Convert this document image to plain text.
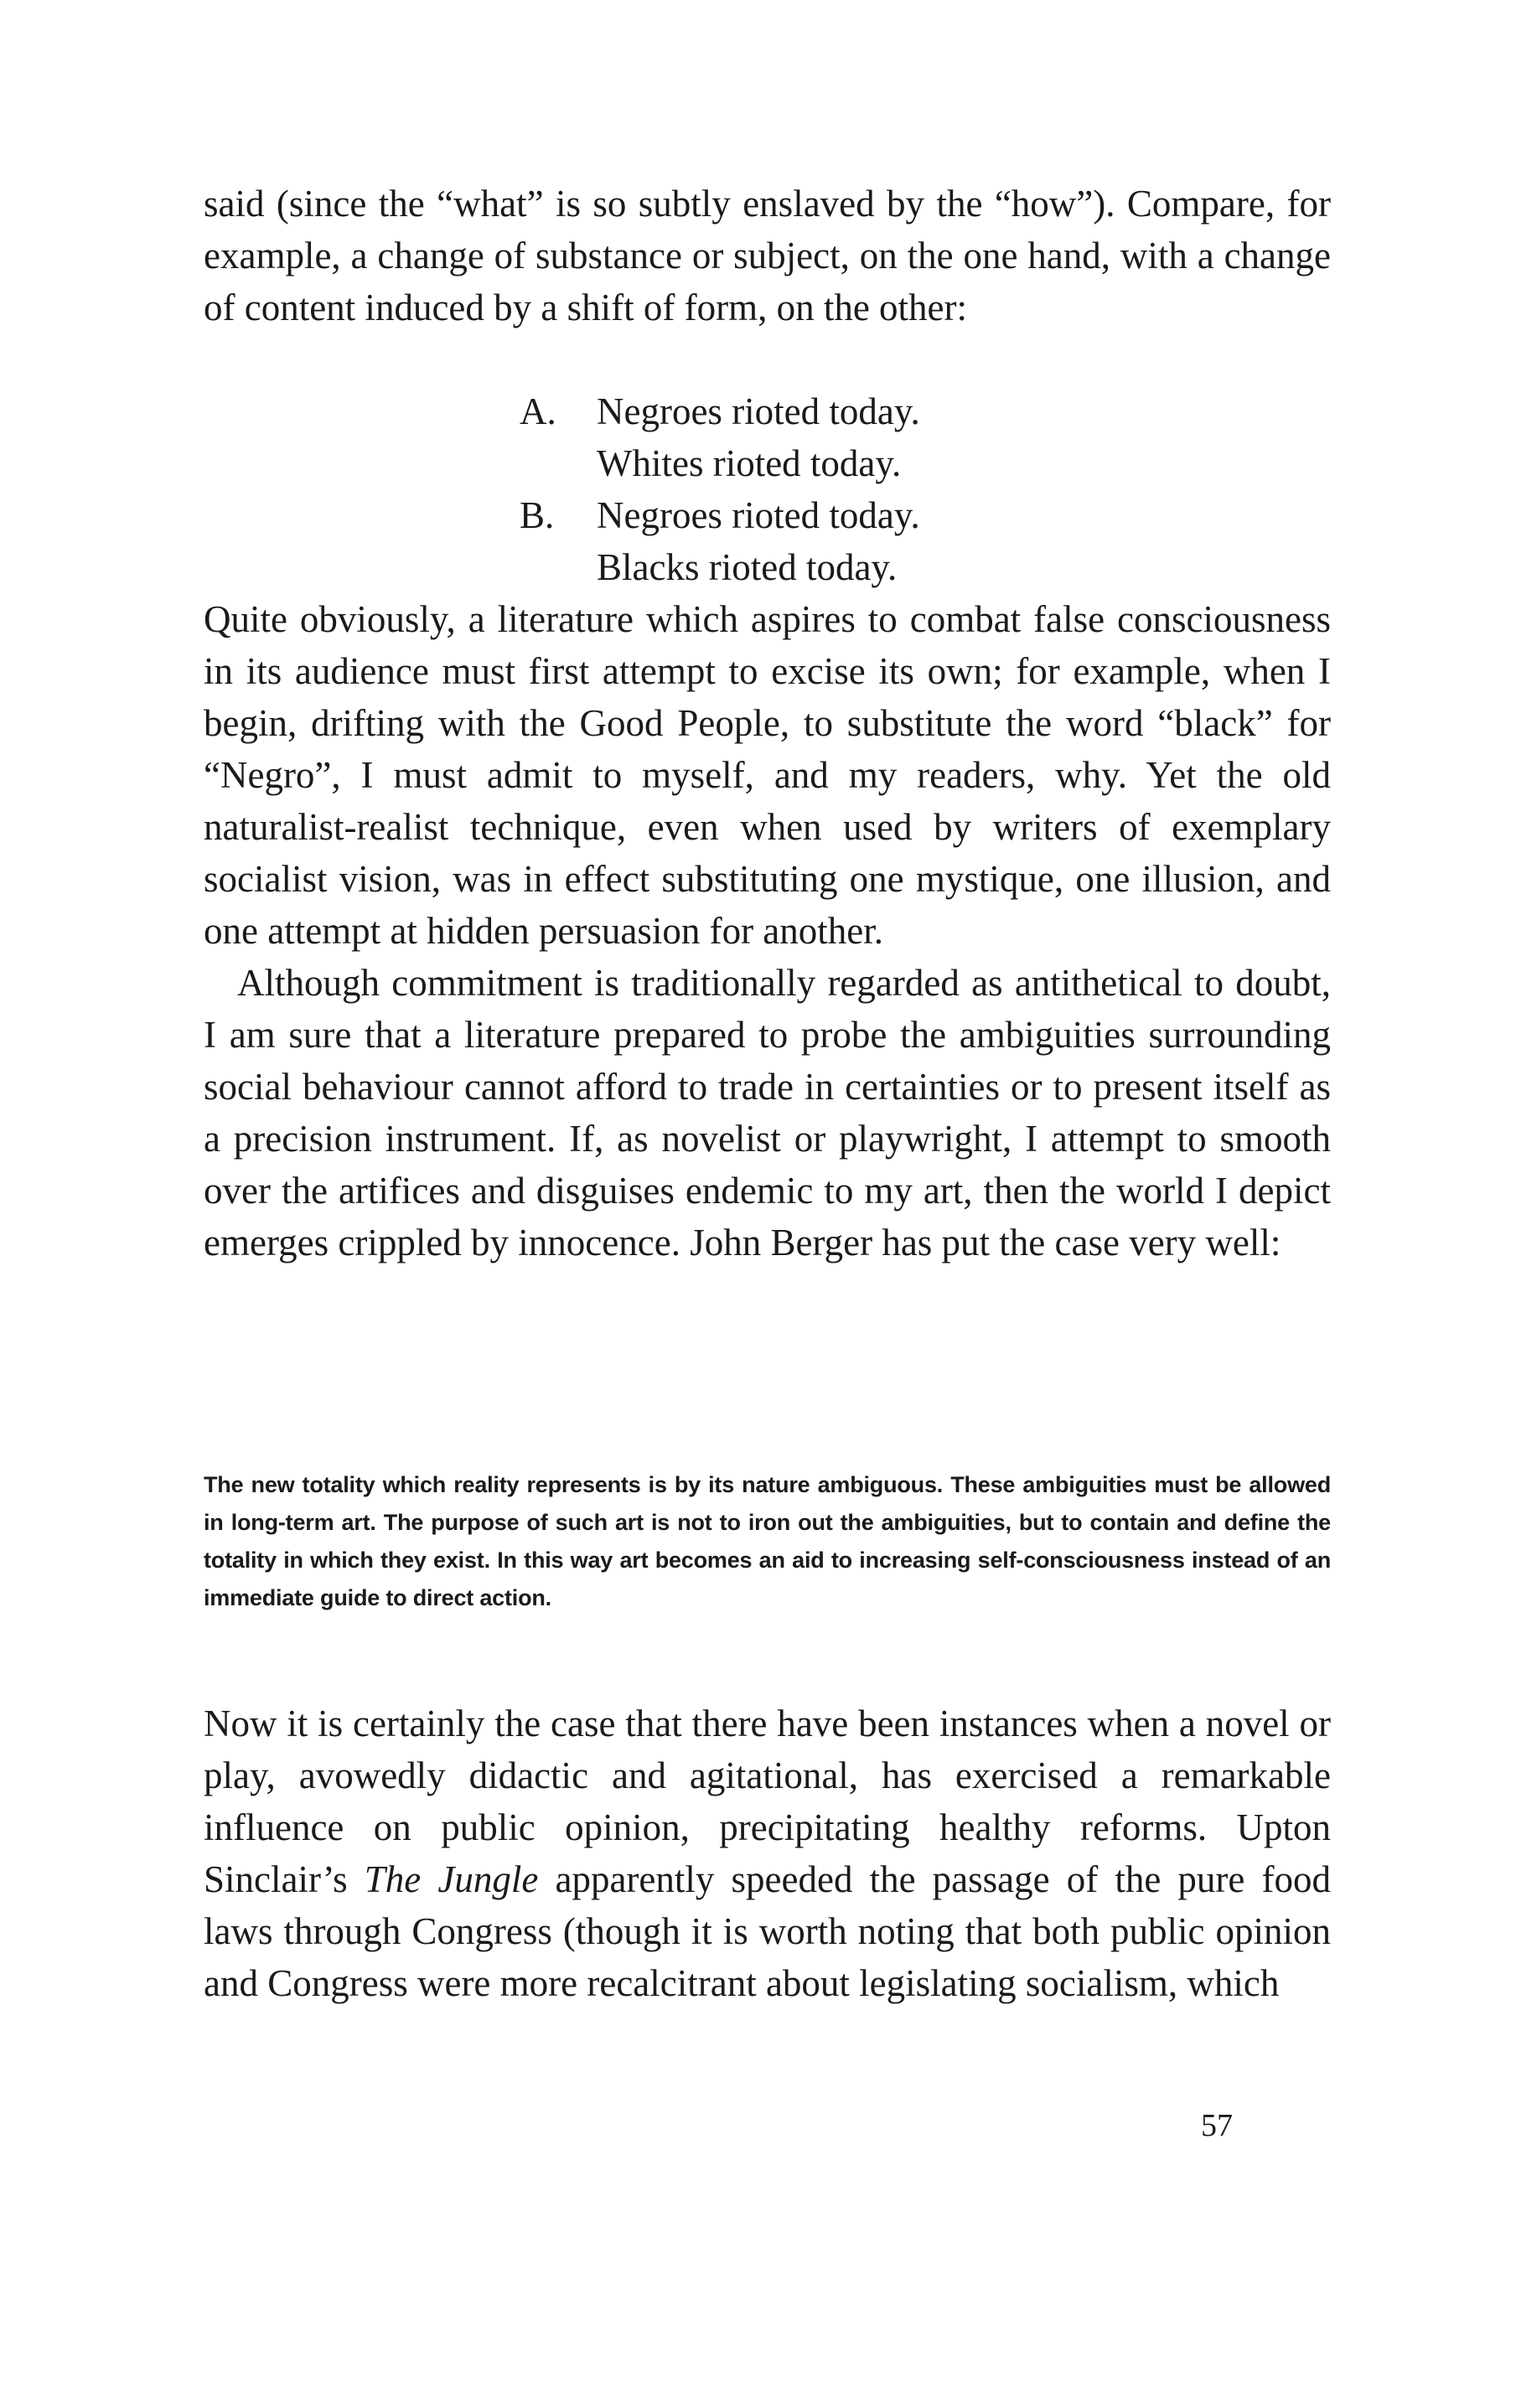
said (since the “what” is so subtly enslaved by the “how”). Compare, for example, a change of substance or subject, on the one hand, with a change of content induced by a shift of form, on the other:

A.	Negroes rioted today.
Whites rioted today.
B.	Negroes rioted today.
Blacks rioted today.

Quite obviously, a literature which aspires to combat false consciousness in its audience must first attempt to excise its own; for example, when I begin, drifting with the Good People, to substitute the word “black” for “Negro”, I must admit to myself, and my readers, why. Yet the old naturalist-realist technique, even when used by writers of exemplary socialist vision, was in effect substituting one mystique, one illusion, and one attempt at hidden persuasion for another.

Although commitment is traditionally regarded as antithetical to doubt, I am sure that a literature prepared to probe the ambiguities surrounding social behaviour cannot afford to trade in certainties or to present itself as a precision instrument. If, as novelist or playwright, I attempt to smooth over the artifices and disguises endemic to my art, then the world I depict emerges crippled by innocence. John Berger has put the case very well:

The new totality which reality represents is by its nature ambiguous. These ambiguities must be allowed in long-term art. The purpose of such art is not to iron out the ambiguities, but to contain and define the totality in which they exist. In this way art becomes an aid to increasing self-consciousness instead of an immediate guide to direct action.

Now it is certainly the case that there have been instances when a novel or play, avowedly didactic and agitational, has exercised a remarkable influence on public opinion, precipitating healthy reforms. Upton Sinclair’s The Jungle apparently speeded the passage of the pure food laws through Congress (though it is worth noting that both public opinion and Congress were more recalcitrant about legislating socialism, which

57
